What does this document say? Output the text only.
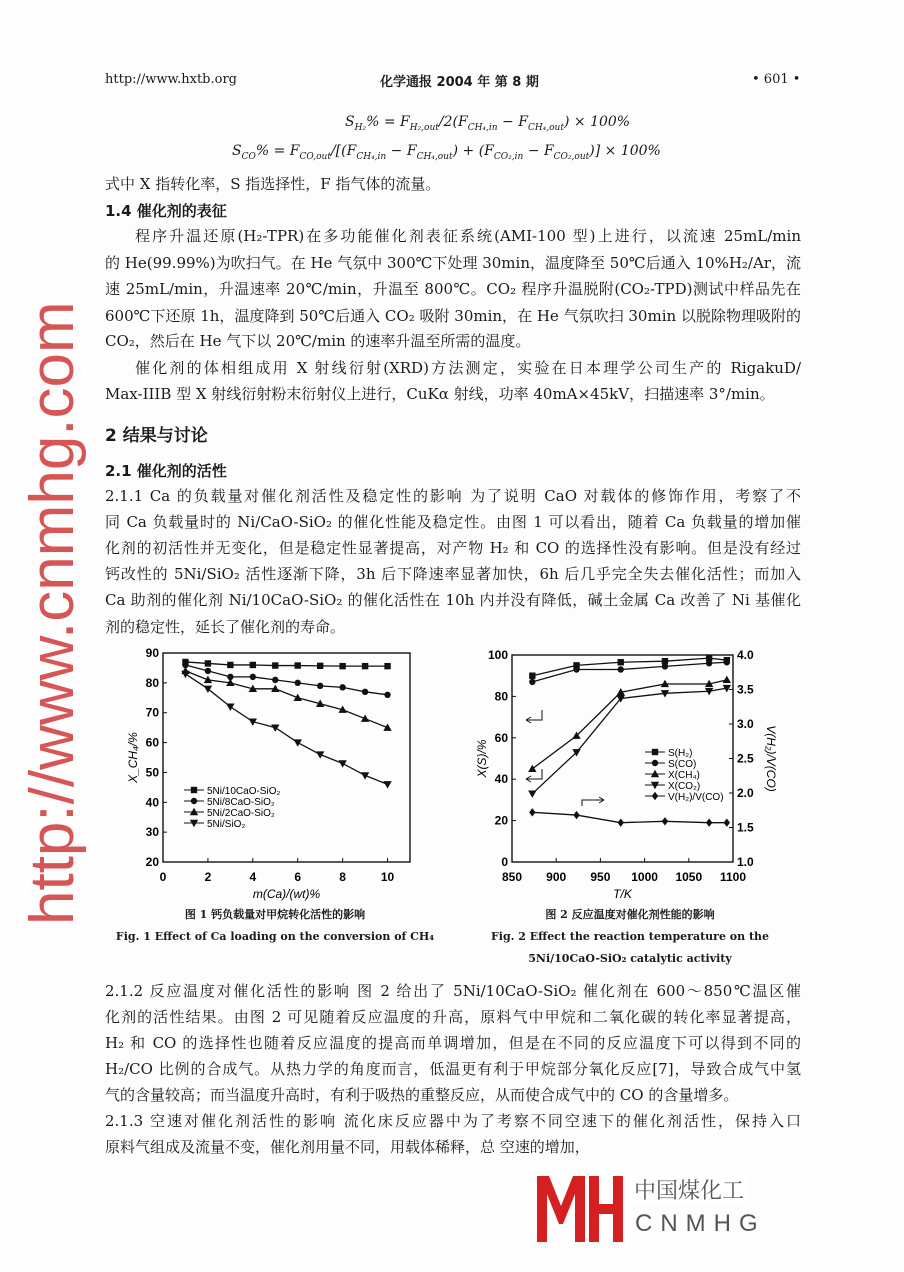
http://www.hxtb.org	化学通报 2004 年 第 8 期	• 601 •
$S_{H_2}\% = F_{H_2,out}/2(F_{CH_4,in} - F_{CH_4,out}) \times 100\%$
$S_{CO}\% = F_{CO,out}/[(F_{CH_4,in} - F_{CH_4,out}) + (F_{CO_2,in} - F_{CO_2,out})] \times 100\%$
式中 X 指转化率，S 指选择性，F 指气体的流量。
1.4 催化剂的表征
程序升温还原(H₂-TPR)在多功能催化剂表征系统(AMI-100 型)上进行，以流速 25mL/min
的 He(99.99%)为吹扫气。在 He 气氛中 300℃下处理 30min，温度降至 50℃后通入 10%H₂/Ar，流
速 25mL/min，升温速率 20℃/min，升温至 800℃。CO₂ 程序升温脱附(CO₂-TPD)测试中样品先在
600℃下还原 1h，温度降到 50℃后通入 CO₂ 吸附 30min，在 He 气氛吹扫 30min 以脱除物理吸附的
CO₂，然后在 He 气下以 20℃/min 的速率升温至所需的温度。
催化剂的体相组成用 X 射线衍射(XRD)方法测定，实验在日本理学公司生产的 RigakuD/
Max-IIIB 型 X 射线衍射粉末衍射仪上进行，CuKα 射线，功率 40mA×45kV，扫描速率 3°/min。
2 结果与讨论
2.1 催化剂的活性
2.1.1 Ca 的负载量对催化剂活性及稳定性的影响 为了说明 CaO 对载体的修饰作用，考察了不
同 Ca 负载量时的 Ni/CaO-SiO₂ 的催化性能及稳定性。由图 1 可以看出，随着 Ca 负载量的增加催
化剂的初活性并无变化，但是稳定性显著提高，对产物 H₂ 和 CO 的选择性没有影响。但是没有经过
钙改性的 5Ni/SiO₂ 活性逐渐下降，3h 后下降速率显著加快，6h 后几乎完全失去催化活性；而加入
Ca 助剂的催化剂 Ni/10CaO-SiO₂ 的催化活性在 10h 内并没有降低，碱土金属 Ca 改善了 Ni 基催化
剂的稳定性，延长了催化剂的寿命。
0	2	4	6	8	10
20
30
40
50
60
70
80
90
m(Ca)/(wt)%
X_CH₄/%
5Ni/10CaO-SiO₂
5Ni/8CaO-SiO₂
5Ni/2CaO-SiO₂
5Ni/SiO₂
850 900 950 1000 1050 1100
0
20
40
60
80
100
1.0
1.5
2.0
2.5
3.0
3.5
4.0
T/K
X(S)/%	V(H₂)/V(CO)
S(H₂)
S(CO)
X(CH₄)
X(CO₂)
V(H₂)/V(CO)
图 1 钙负载量对甲烷转化活性的影响
Fig. 1 Effect of Ca loading on the conversion of CH₄
图 2 反应温度对催化剂性能的影响
Fig. 2 Effect the reaction temperature on the
5Ni/10CaO-SiO₂ catalytic activity
2.1.2 反应温度对催化活性的影响 图 2 给出了 5Ni/10CaO-SiO₂ 催化剂在 600～850℃温区催
化剂的活性结果。由图 2 可见随着反应温度的升高，原料气中甲烷和二氧化碳的转化率显著提高，
H₂ 和 CO 的选择性也随着反应温度的提高而单调增加，但是在不同的反应温度下可以得到不同的
H₂/CO 比例的合成气。从热力学的角度而言，低温更有利于甲烷部分氧化反应[7]，导致合成气中氢
气的含量较高；而当温度升高时，有利于吸热的重整反应，从而使合成气中的 CO 的含量增多。
2.1.3 空速对催化剂活性的影响 流化床反应器中为了考察不同空速下的催化剂活性，保持入口
原料气组成及流量不变，催化剂用量不同，用载体稀释，总 空速的增加，
http://www.cnmhg.com
中国煤化工
CNMHG
